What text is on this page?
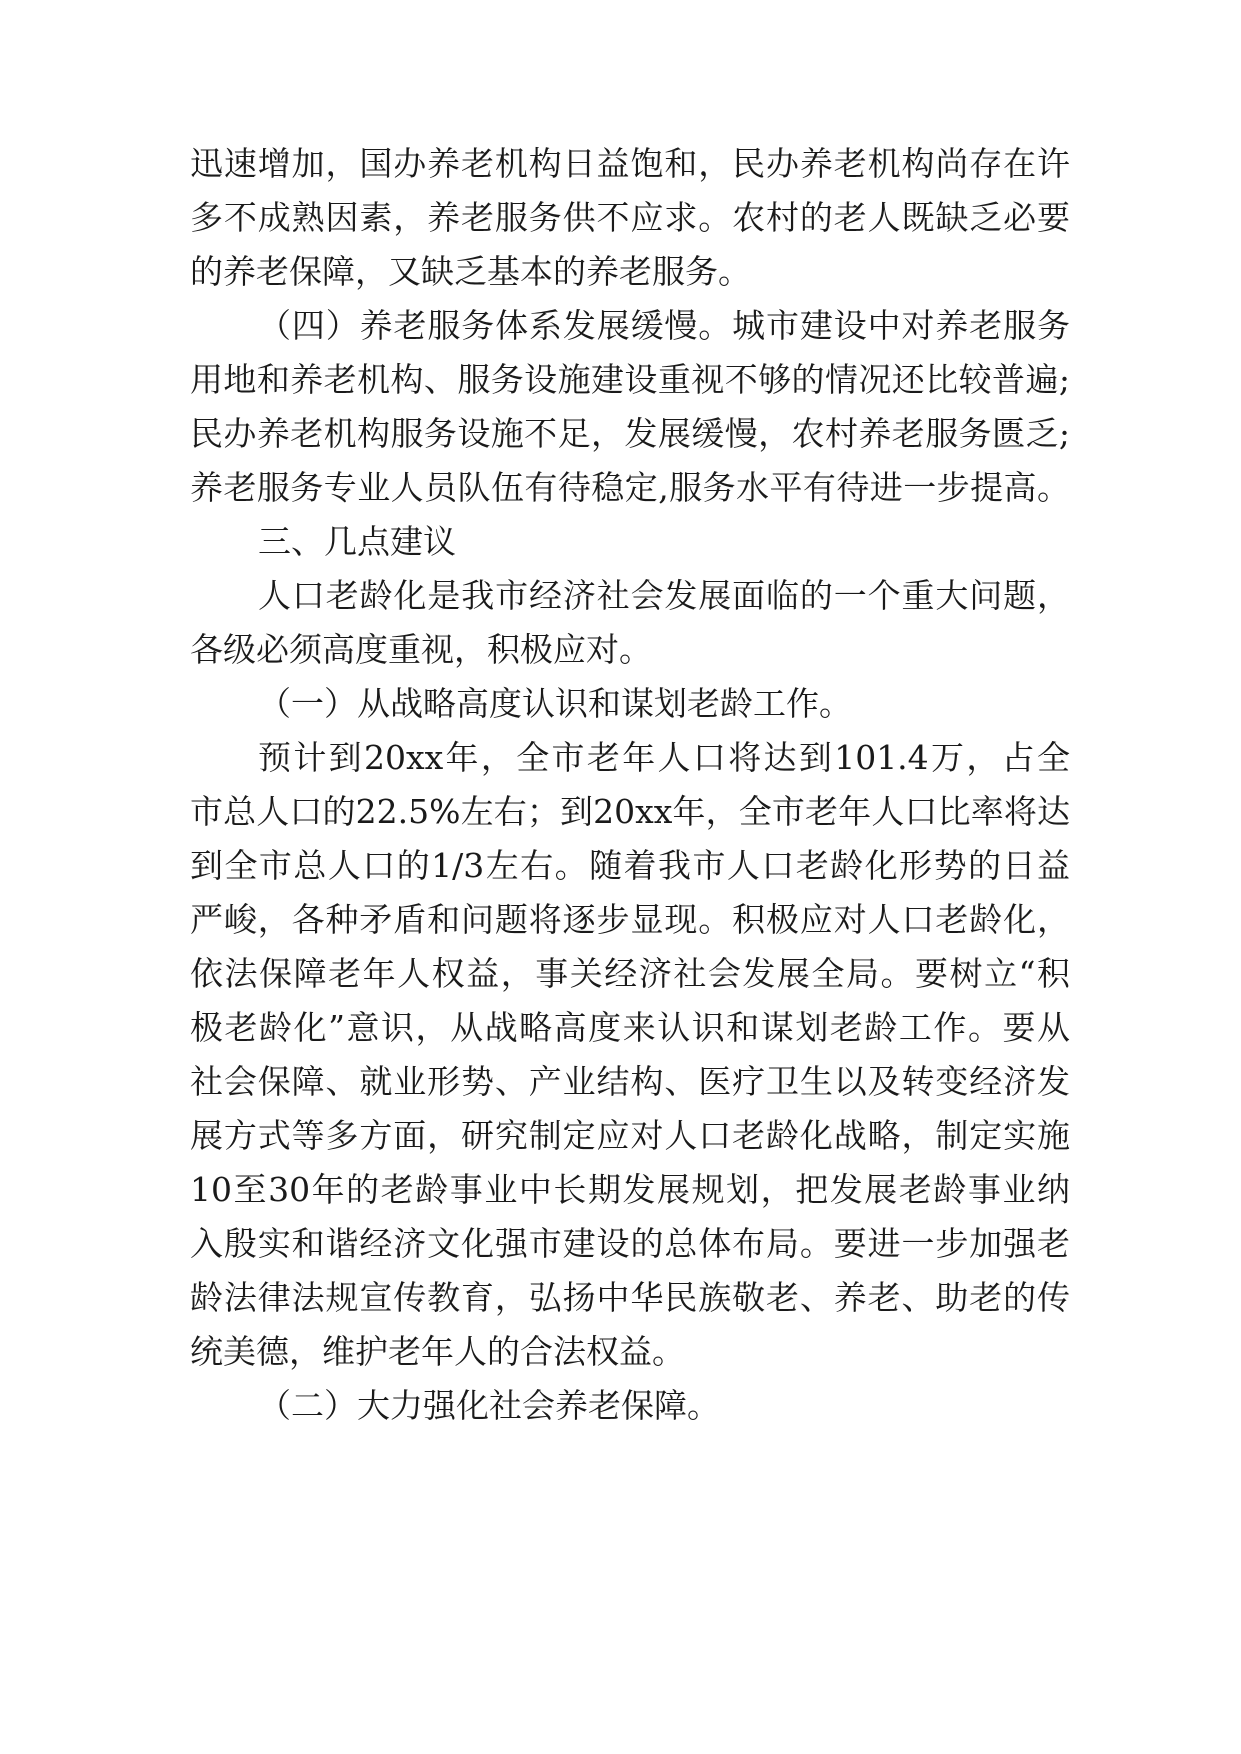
迅速增加，国办养老机构日益饱和，民办养老机构尚存在许
多不成熟因素，养老服务供不应求。农村的老人既缺乏必要
的养老保障，又缺乏基本的养老服务。
（四）养老服务体系发展缓慢。城市建设中对养老服务
用地和养老机构、服务设施建设重视不够的情况还比较普遍;
民办养老机构服务设施不足，发展缓慢，农村养老服务匮乏;
养老服务专业人员队伍有待稳定,服务水平有待进一步提高。
三、几点建议
人口老龄化是我市经济社会发展面临的一个重大问题，
各级必须高度重视，积极应对。
（一）从战略高度认识和谋划老龄工作。
预计到20xx年，全市老年人口将达到101.4万，占全
市总人口的22.5%左右；到20xx年，全市老年人口比率将达
到全市总人口的1/3左右。随着我市人口老龄化形势的日益
严峻，各种矛盾和问题将逐步显现。积极应对人口老龄化，
依法保障老年人权益，事关经济社会发展全局。要树立“积
极老龄化”意识，从战略高度来认识和谋划老龄工作。要从
社会保障、就业形势、产业结构、医疗卫生以及转变经济发
展方式等多方面，研究制定应对人口老龄化战略，制定实施
10至30年的老龄事业中长期发展规划，把发展老龄事业纳
入殷实和谐经济文化强市建设的总体布局。要进一步加强老
龄法律法规宣传教育，弘扬中华民族敬老、养老、助老的传
统美德，维护老年人的合法权益。
（二）大力强化社会养老保障。
